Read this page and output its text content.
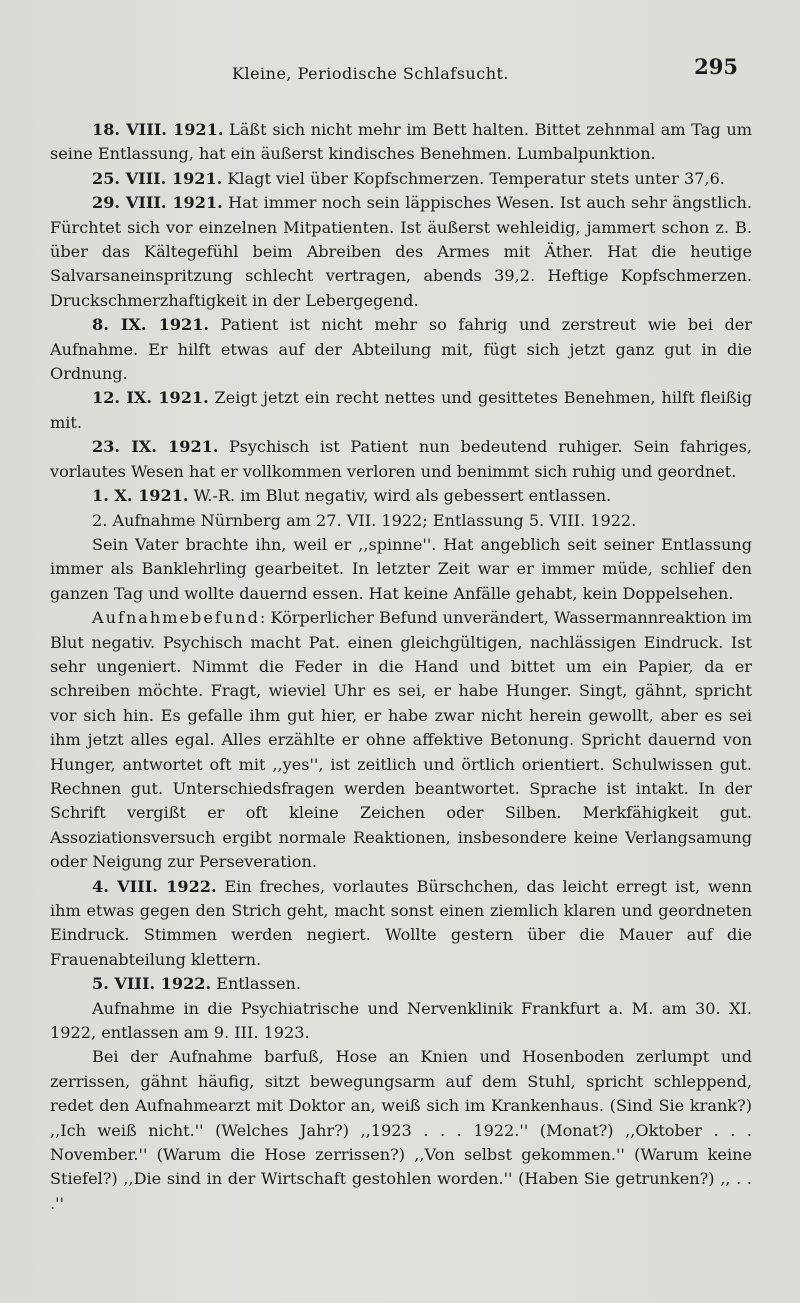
Kleine, Periodische Schlafsucht.	295

18. VIII. 1921. Läßt sich nicht mehr im Bett halten. Bittet zehnmal am Tag um seine Entlassung, hat ein äußerst kindisches Benehmen. Lumbalpunktion.

25. VIII. 1921. Klagt viel über Kopfschmerzen. Temperatur stets unter 37,6.

29. VIII. 1921. Hat immer noch sein läppisches Wesen. Ist auch sehr ängstlich. Fürchtet sich vor einzelnen Mitpatienten. Ist äußerst wehleidig, jammert schon z. B. über das Kältegefühl beim Abreiben des Armes mit Äther. Hat die heutige Salvarsaneinspritzung schlecht vertragen, abends 39,2. Heftige Kopfschmerzen. Druckschmerzhaftigkeit in der Lebergegend.

8. IX. 1921. Patient ist nicht mehr so fahrig und zerstreut wie bei der Aufnahme. Er hilft etwas auf der Abteilung mit, fügt sich jetzt ganz gut in die Ordnung.

12. IX. 1921. Zeigt jetzt ein recht nettes und gesittetes Benehmen, hilft fleißig mit.

23. IX. 1921. Psychisch ist Patient nun bedeutend ruhiger. Sein fahriges, vorlautes Wesen hat er vollkommen verloren und benimmt sich ruhig und geordnet.

1. X. 1921. W.-R. im Blut negativ, wird als gebessert entlassen.

2. Aufnahme Nürnberg am 27. VII. 1922; Entlassung 5. VIII. 1922.

Sein Vater brachte ihn, weil er ,,spinne''. Hat angeblich seit seiner Entlassung immer als Banklehrling gearbeitet. In letzter Zeit war er immer müde, schlief den ganzen Tag und wollte dauernd essen. Hat keine Anfälle gehabt, kein Doppelsehen.

Aufnahmebefund: Körperlicher Befund unverändert, Wassermannreaktion im Blut negativ. Psychisch macht Pat. einen gleichgültigen, nachlässigen Eindruck. Ist sehr ungeniert. Nimmt die Feder in die Hand und bittet um ein Papier, da er schreiben möchte. Fragt, wieviel Uhr es sei, er habe Hunger. Singt, gähnt, spricht vor sich hin. Es gefalle ihm gut hier, er habe zwar nicht herein gewollt, aber es sei ihm jetzt alles egal. Alles erzählte er ohne affektive Betonung. Spricht dauernd von Hunger, antwortet oft mit ,,yes'', ist zeitlich und örtlich orientiert. Schulwissen gut. Rechnen gut. Unterschiedsfragen werden beantwortet. Sprache ist intakt. In der Schrift vergißt er oft kleine Zeichen oder Silben. Merkfähigkeit gut. Assoziationsversuch ergibt normale Reaktionen, insbesondere keine Verlangsamung oder Neigung zur Perseveration.

4. VIII. 1922. Ein freches, vorlautes Bürschchen, das leicht erregt ist, wenn ihm etwas gegen den Strich geht, macht sonst einen ziemlich klaren und geordneten Eindruck. Stimmen werden negiert. Wollte gestern über die Mauer auf die Frauenabteilung klettern.

5. VIII. 1922. Entlassen.

Aufnahme in die Psychiatrische und Nervenklinik Frankfurt a. M. am 30. XI. 1922, entlassen am 9. III. 1923.

Bei der Aufnahme barfuß, Hose an Knien und Hosenboden zerlumpt und zerrissen, gähnt häufig, sitzt bewegungsarm auf dem Stuhl, spricht schleppend, redet den Aufnahmearzt mit Doktor an, weiß sich im Krankenhaus. (Sind Sie krank?) ,,Ich weiß nicht.'' (Welches Jahr?) ,,1923 . . . 1922.'' (Monat?) ,,Oktober . . . November.'' (Warum die Hose zerrissen?) ,,Von selbst gekommen.'' (Warum keine Stiefel?) ,,Die sind in der Wirtschaft gestohlen worden.'' (Haben Sie getrunken?) ,, . . .''
